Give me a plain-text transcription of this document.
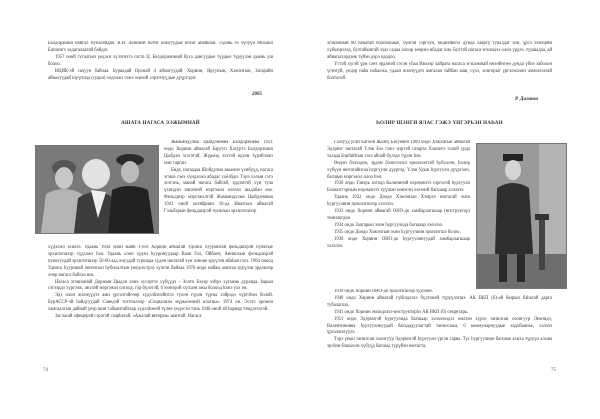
Балдоржиин байгал Һунагайдан. В.И. Ленинэй ботиг номгуудые ботиг абайшан. Тэдэнь ээ хүбүүн Михаил Батоингэ хадагалаатай байдаг.

1957 оной гуталгын үедэхи хүлэгнэтэ сагта Ц. Балдоржиинай буха дансуудые түүдые түрүүлэн дыень уш болоо.

ВЦИК-эй сахуун байлаа. Буряадай Оронай 4 аймагуудай: Хориин, Яруунын, Хэжэнгын, Загарайн аймагуудай шүүгшэд (судьи) хөдэлжэ гэжэ эхинэй хэрэгнүүдые дүүргэдэг.

2005
АШАТА НАГАСА ЭЭЖЫМНАЙ

Жамьяндулма Цыбдэновна Балдоржиева 1921 ондо Хориин аймагай Барууп Хасуртэ Балдоржиин Цыбдэн эсэгэтэй, Жүрмэд эхэтэй одхон түрэйлэжэ мэн тарган.

Биде, нагаадаа Шойдулма эжымнэ үхибүүд, нагаса эгэшэ сэеэ хүндэлжэ ябадаг соёлбди. Тэрэ хэлын сэтэ эсэгэнь, манай нагаса байгай, эрдэмтэй хүн тула үхиндэн эмшэнэй мэргэжэл олгохо шадабан юм. Фельдшэр мэргэжэлтэй Жамьяндулма Цыбдэновна 1941 оной октябриин 16-да Ивалгын аймагай Гэльбэрын фельдшэрэй пунктын эрхилэгшээр

хүдэлжэ эхилээ. Удаань 1944 онои майн 1-бэз Хориин аймагай Удинск һуурингай фельдшэрэй пунктые эрхилэгшээр хүдэлжэ һэн. Удаань олон худэн һууринуудаар Ваан Гол, Ойбонт, Анинскын фельдшэрэй пунктуудай эрхилэгшээр 50-60-аад онуудай туршада хүдөө нютагай хүн зоноие эрүүлэн ябаһан гэхэ. 1964 оноод Удинск һууринай эмнэлгын һубилалтын (медсестрэ) хүлгэн байлаа 1976 ондо найжа амитаа эрүүлэн эрдэмээр хөөр нагаса байгаа юм.

Нагаса эгэшэмнай Доржын Цыдэн хэмэ хусэртээ хүбүүдэ – Золто Бэлэр хэйрэ хүгъянь дурляда. һарын сэгээрдэ хүргээж, эжэлэй мэргэжэл олгоод, гэр бүлэтэй, 6 зээнэрэй хүгшэн эжы болоод һэжэ үхэ эм.

Эдэ олон жэлнүүдтэ ами үргэлтэйгөөр хүдэлһэнэйнгээ түлөө гүрэн түрэы хэйрэдэ хүртэһэн болой. БурАССР-эй һайдууудай Соведэй тогтоолоор «Социализм мүрысөөнэй илагша» 1974 он. Эсэгэ оронои хамгаалгын дайнай үеэр шин табьянтайгаар хүдэлһэнэй түлөө үндэсэн тэнь 1946 оной эй һарнар тэмдэглэгэй.

Заслагай офицерэй сэрэгэй саарһатай. «Ажалай ветеран» шантай. Нагаса

74

эгэшэмнай 80 наһатай болобошые, хүнгэн сэргэун, биднэйнгээ дунда хаяргү туһалдаг һэн, үрсэ зээнэрйн хүбшэрэлэд, бултайынгай зэдэ садаа олоор зөөржэ ябадаг юм. Бултэй нагаса эгэшэдээ олон үрдээ, туршадаа, ай айнагыхэрдэнь түйэн дэрэ ододоо.

Үгтэй хүгэй үри сэеэ эрдэмэй сэсэн уһаа Ивэлэр хайрата нагаса эгэшэмнай нөхөйнтөө дунда үбиэ заболон үгэнгүй, үндэр наһа наһалжа, удаан жэлнүүдтэ амгалан тайбан ааш, сүхэ, хонгорыг үргэлжэлжэ амжилтатай болтогой.

Р. Далаева
ҺОЛИР ШЭНГИ ЯЛАС ГЭЖЭ ҮНГЭРЬЭН НАҺАН

Галзууд угай Батоин Жалбу Батуевич 1909 ондо Хэжэнгын аймагай Эдэрнэг нютагай Үлэн Бэл гэжэ нэртэй газарта Хэжэнгэ голой урда талада Бэрбийтын гэхэ айлай бүлэдэ түрэн һэн.

Өөдэн бэлхэдөө, эрдэм бэлигэлэхэ эрмэлзэлтэй һубэлээн, һолир хүбүүн нютагайнгаа һургуули дүүргэд. Үлэн Удын һургуули дүүргэжэ, багшын мэргэжэл олоо һэн.

1930 ондо Тэвэрь хотодо Калининэй нэрэмжэтэ сэргэлэй һургуули Бэлжигтэрным нэрэмжэтэ хүүшэн мэнэгэн хэлэнэй багшаар хэлэлээ.

Удаань 1932 ондо Доодо Хэжэнгын Хэмрхэ нютагай эхин һургуулиин эрхилэгшээр хэлэлээ.

1933 ондо Хориин аймагай ОНО-до хамбарлагшаар (инструктор) томилогдоо.

1934 ондо Заагарын эхин һургуулида багшаар хэлэлээ.

1935 ондо Доодо Хэжэнгын эхин һургуулиин эрхилэгшэ болоо.

1938 ондо Хориин ОНО-до һургуулинуудай хамбарлагшаар хэлэлээ.

1939 ондо Хориин ОНО-до эрхилэгшээр худэлөө.

1940 ондо Хориин аймагай гүйсэдхэхэ бүлгэмэй түрүүлэгшэ. АК ВКП (б)-ай бюрын баһагай дарга тубалагша.

1941 ондо Хориин эмхидхэхэ-инструкторһэ АК ВКП (б) секретарь.

1951 ондо Эдэрмэгэй һургуулида багшаар хэлэлэхэдээ нилээн хүрээ танилсан соонгуур Леонидэ, Валентиновна һургуулинуудай багададуулагтай танилсажа, 6 коммунарнуудые хадхбаниье, хэлэлэ үргэлжэлүүлэ.

Тэрэ үеын танилсан соонгуур Эдэрмэгэй һургуули үргэн гарва. Түс һургуулиин багшые ахиха түрүүн алхам эрэһэн бэшыхэн хүбүүд багшад түрүйэн нютагта,

75
